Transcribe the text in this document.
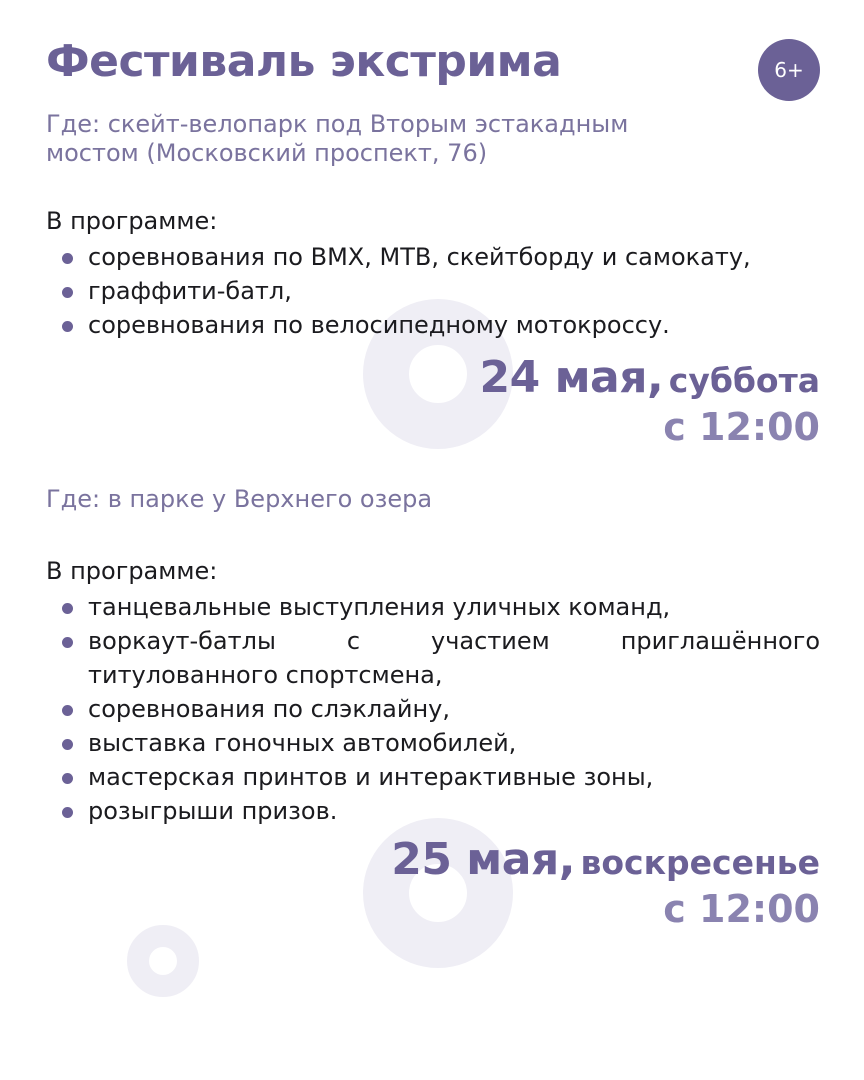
Фестиваль экстрима	6+

Где: скейт-велопарк под Вторым эстакадным мостом (Московский проспект, 76)

В программе:

соревнования по BMX, MTB, скейтборду и самокату,
граффити-батл,
соревнования по велосипедному мотокроссу.
24 мая, суббота
с 12:00

Где: в парке у Верхнего озера

В программе:

танцевальные выступления уличных команд,
воркаут-батлы с участием приглашённого титулованного спортсмена,
соревнования по слэклайну,
выставка гоночных автомобилей,
мастерская принтов и интерактивные зоны,
розыгрыши призов.
25 мая, воскресенье
с 12:00
